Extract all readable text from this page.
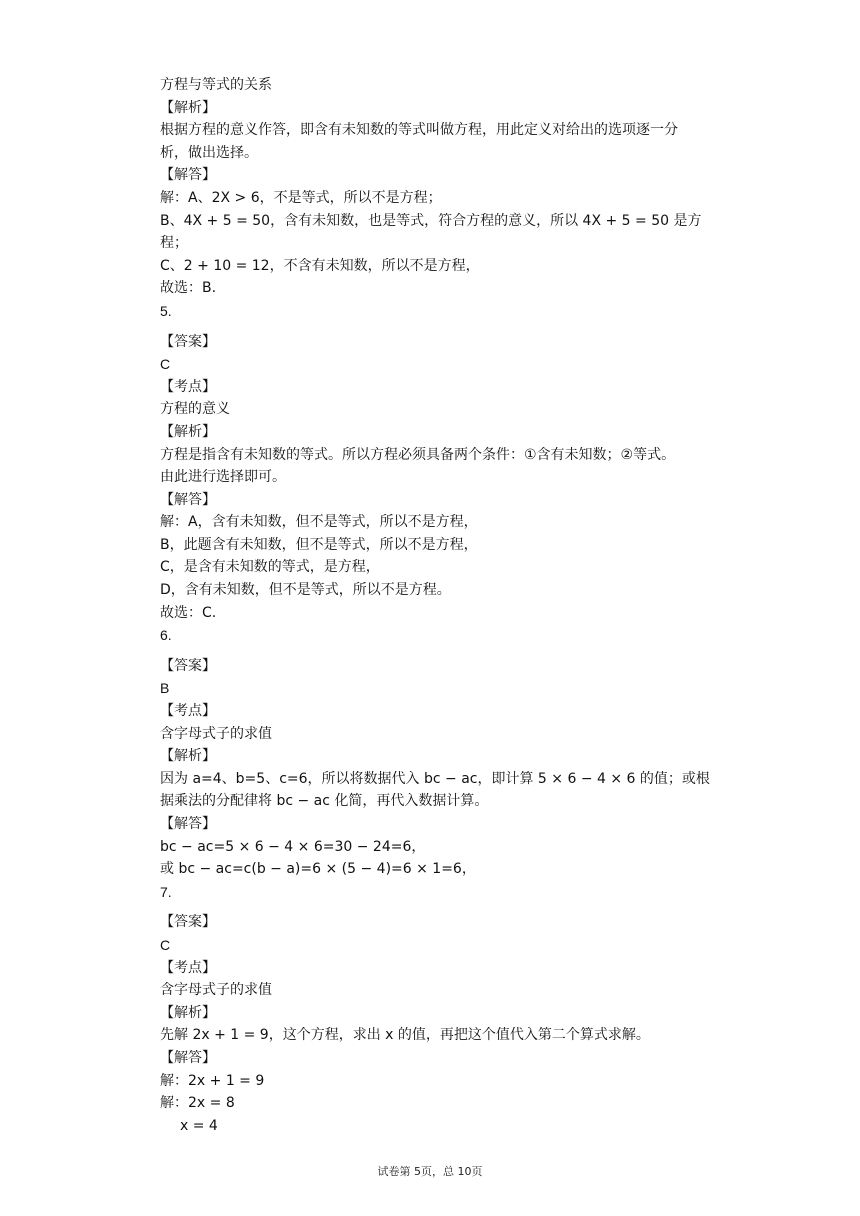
方程与等式的关系
【解析】
根据方程的意义作答，即含有未知数的等式叫做方程，用此定义对给出的选项逐一分
析，做出选择。
【解答】
解：A、2X > 6，不是等式，所以不是方程；
B、4X + 5 = 50，含有未知数，也是等式，符合方程的意义，所以 4X + 5 = 50 是方
程；
C、2 + 10 = 12，不含有未知数，所以不是方程，
故选：B.
5.
【答案】
C
【考点】
方程的意义
【解析】
方程是指含有未知数的等式。所以方程必须具备两个条件：①含有未知数；②等式。
由此进行选择即可。
【解答】
解：A，含有未知数，但不是等式，所以不是方程，
B，此题含有未知数，但不是等式，所以不是方程，
C，是含有未知数的等式，是方程，
D，含有未知数，但不是等式，所以不是方程。
故选：C.
6.
【答案】
B
【考点】
含字母式子的求值
【解析】
因为 a=4、b=5、c=6，所以将数据代入 bc − ac，即计算 5 × 6 − 4 × 6 的值；或根
据乘法的分配律将 bc − ac 化简，再代入数据计算。
【解答】
bc − ac=5 × 6 − 4 × 6=30 − 24=6，
或 bc − ac=c(b − a)=6 × (5 − 4)=6 × 1=6，
7.
【答案】
C
【考点】
含字母式子的求值
【解析】
先解 2x + 1 = 9，这个方程，求出 x 的值，再把这个值代入第二个算式求解。
【解答】
解：2x + 1 = 9
解：2x = 8
x = 4
试卷第 5页，总 10页
